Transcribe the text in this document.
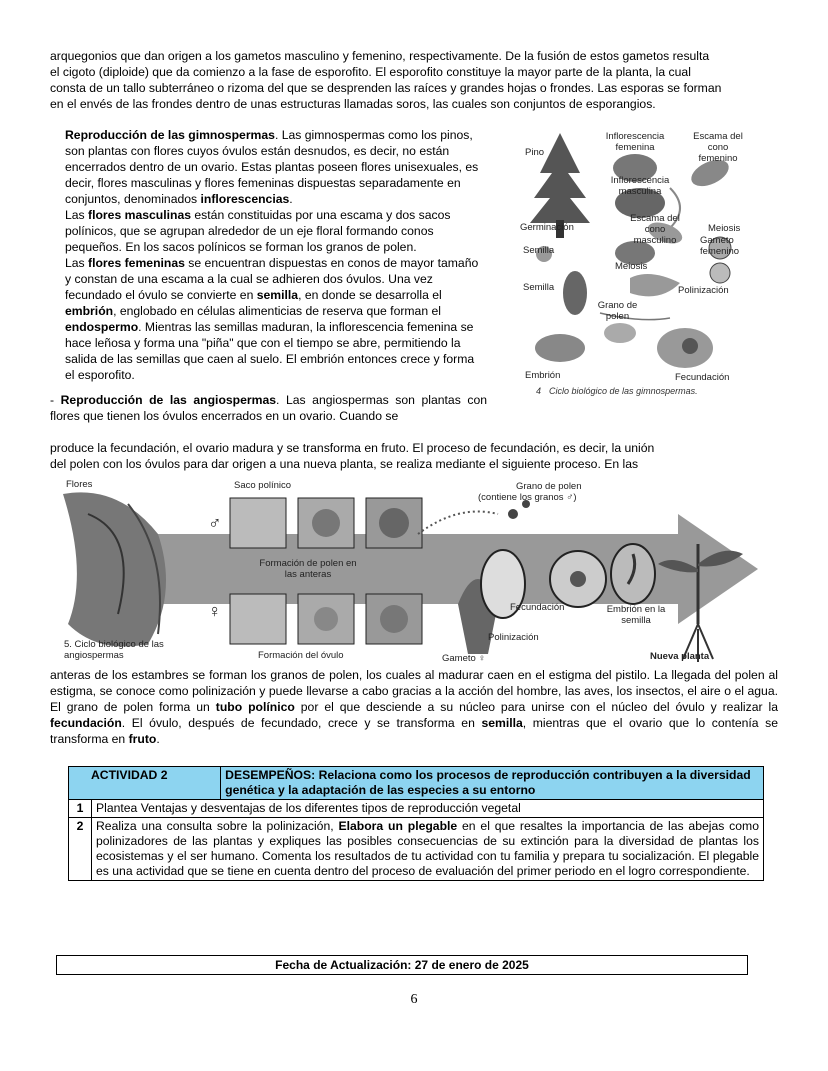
arquegonios que dan origen a los gametos masculino y femenino, respectivamente. De la fusión de estos gametos resulta

el cigoto (diploide) que da comienzo a la fase de esporofito. El esporofito constituye la mayor parte de la planta, la cual

consta de un tallo subterráneo o rizoma del que se desprenden las raíces y grandes hojas o frondes. Las esporas se forman

en el envés de las frondes dentro de unas estructuras llamadas soros, las cuales son conjuntos de esporangios.

Reproducción de las gimnospermas. Las gimnospermas como los pinos, son plantas con flores cuyos óvulos están desnudos, es decir, no están encerrados dentro de un ovario. Estas plantas poseen flores unisexuales, es decir, flores masculinas y flores femeninas dispuestas separadamente en conjuntos, denominados inflorescencias.
Las flores masculinas están constituidas por una escama y dos sacos polínicos, que se agrupan alrededor de un eje floral formando conos pequeños. En los sacos polínicos se forman los granos de polen.
Las flores femeninas se encuentran dispuestas en conos de mayor tamaño y constan de una escama a la cual se adhieren dos óvulos. Una vez fecundado el óvulo se convierte en semilla, en donde se desarrolla el embrión, englobado en células alimenticias de reserva que forman el endospermo. Mientras las semillas maduran, la inflorescencia femenina se hace leñosa y forma una "piña" que con el tiempo se abre, permitiendo la salida de las semillas que caen al suelo. El embrión entonces crece y forma el esporofito.
Pino
Inflorescencia femenina
Escama del cono femenino
Inflorescencia masculina
Germinación
Escama del cono masculino
Meiosis
Semilla
Gameto femenino
Meiosis
Semilla	Polinización
Grano de polen
Embrión	Fecundación
4 Ciclo biológico de las gimnospermas.
- Reproducción de las angiospermas. Las angiospermas son plantas con flores que tienen los óvulos encerrados en un ovario. Cuando se

produce la fecundación, el ovario madura y se transforma en fruto. El proceso de fecundación, es decir, la unión

del polen con los óvulos para dar origen a una nueva planta, se realiza mediante el siguiente proceso. En las

Flores	Saco polínico	Grano de polen
(contiene los granos ♂)
♂
♀
Formación de polen en las anteras
Fecundación	Embrión en la semilla
Polinización
5. Ciclo biológico de las angiospermas	Formación del óvulo	Gameto ♀	Nueva planta
anteras de los estambres se forman los granos de polen, los cuales al madurar caen en el estigma del pistilo. La llegada del polen al estigma, se conoce como polinización y puede llevarse a cabo gracias a la acción del hombre, las aves, los insectos, el aire o el agua. El grano de polen forma un tubo polínico por el que desciende a su núcleo para unirse con el núcleo del óvulo y realizar la fecundación. El óvulo, después de fecundado, crece y se transforma en semilla, mientras que el ovario que lo contenía se transforma en fruto.
ACTIVIDAD 2		DESEMPEÑOS: Relaciona como los procesos de reproducción contribuyen a la diversidad genética y la adaptación de las especies a su entorno
1	Plantea Ventajas y desventajas de los diferentes tipos de reproducción vegetal	
2	Realiza una consulta sobre la polinización, Elabora un plegable en el que resaltes la importancia de las abejas como polinizadores de las plantas y expliques las posibles consecuencias de su extinción para la diversidad de plantas los ecosistemas y el ser humano. Comenta los resultados de tu actividad con tu familia y prepara tu socialización. El plegable es una actividad que se tiene en cuenta dentro del proceso de evaluación del primer periodo en el logro correspondiente.	
Fecha de Actualización: 27 de enero de 2025
6
